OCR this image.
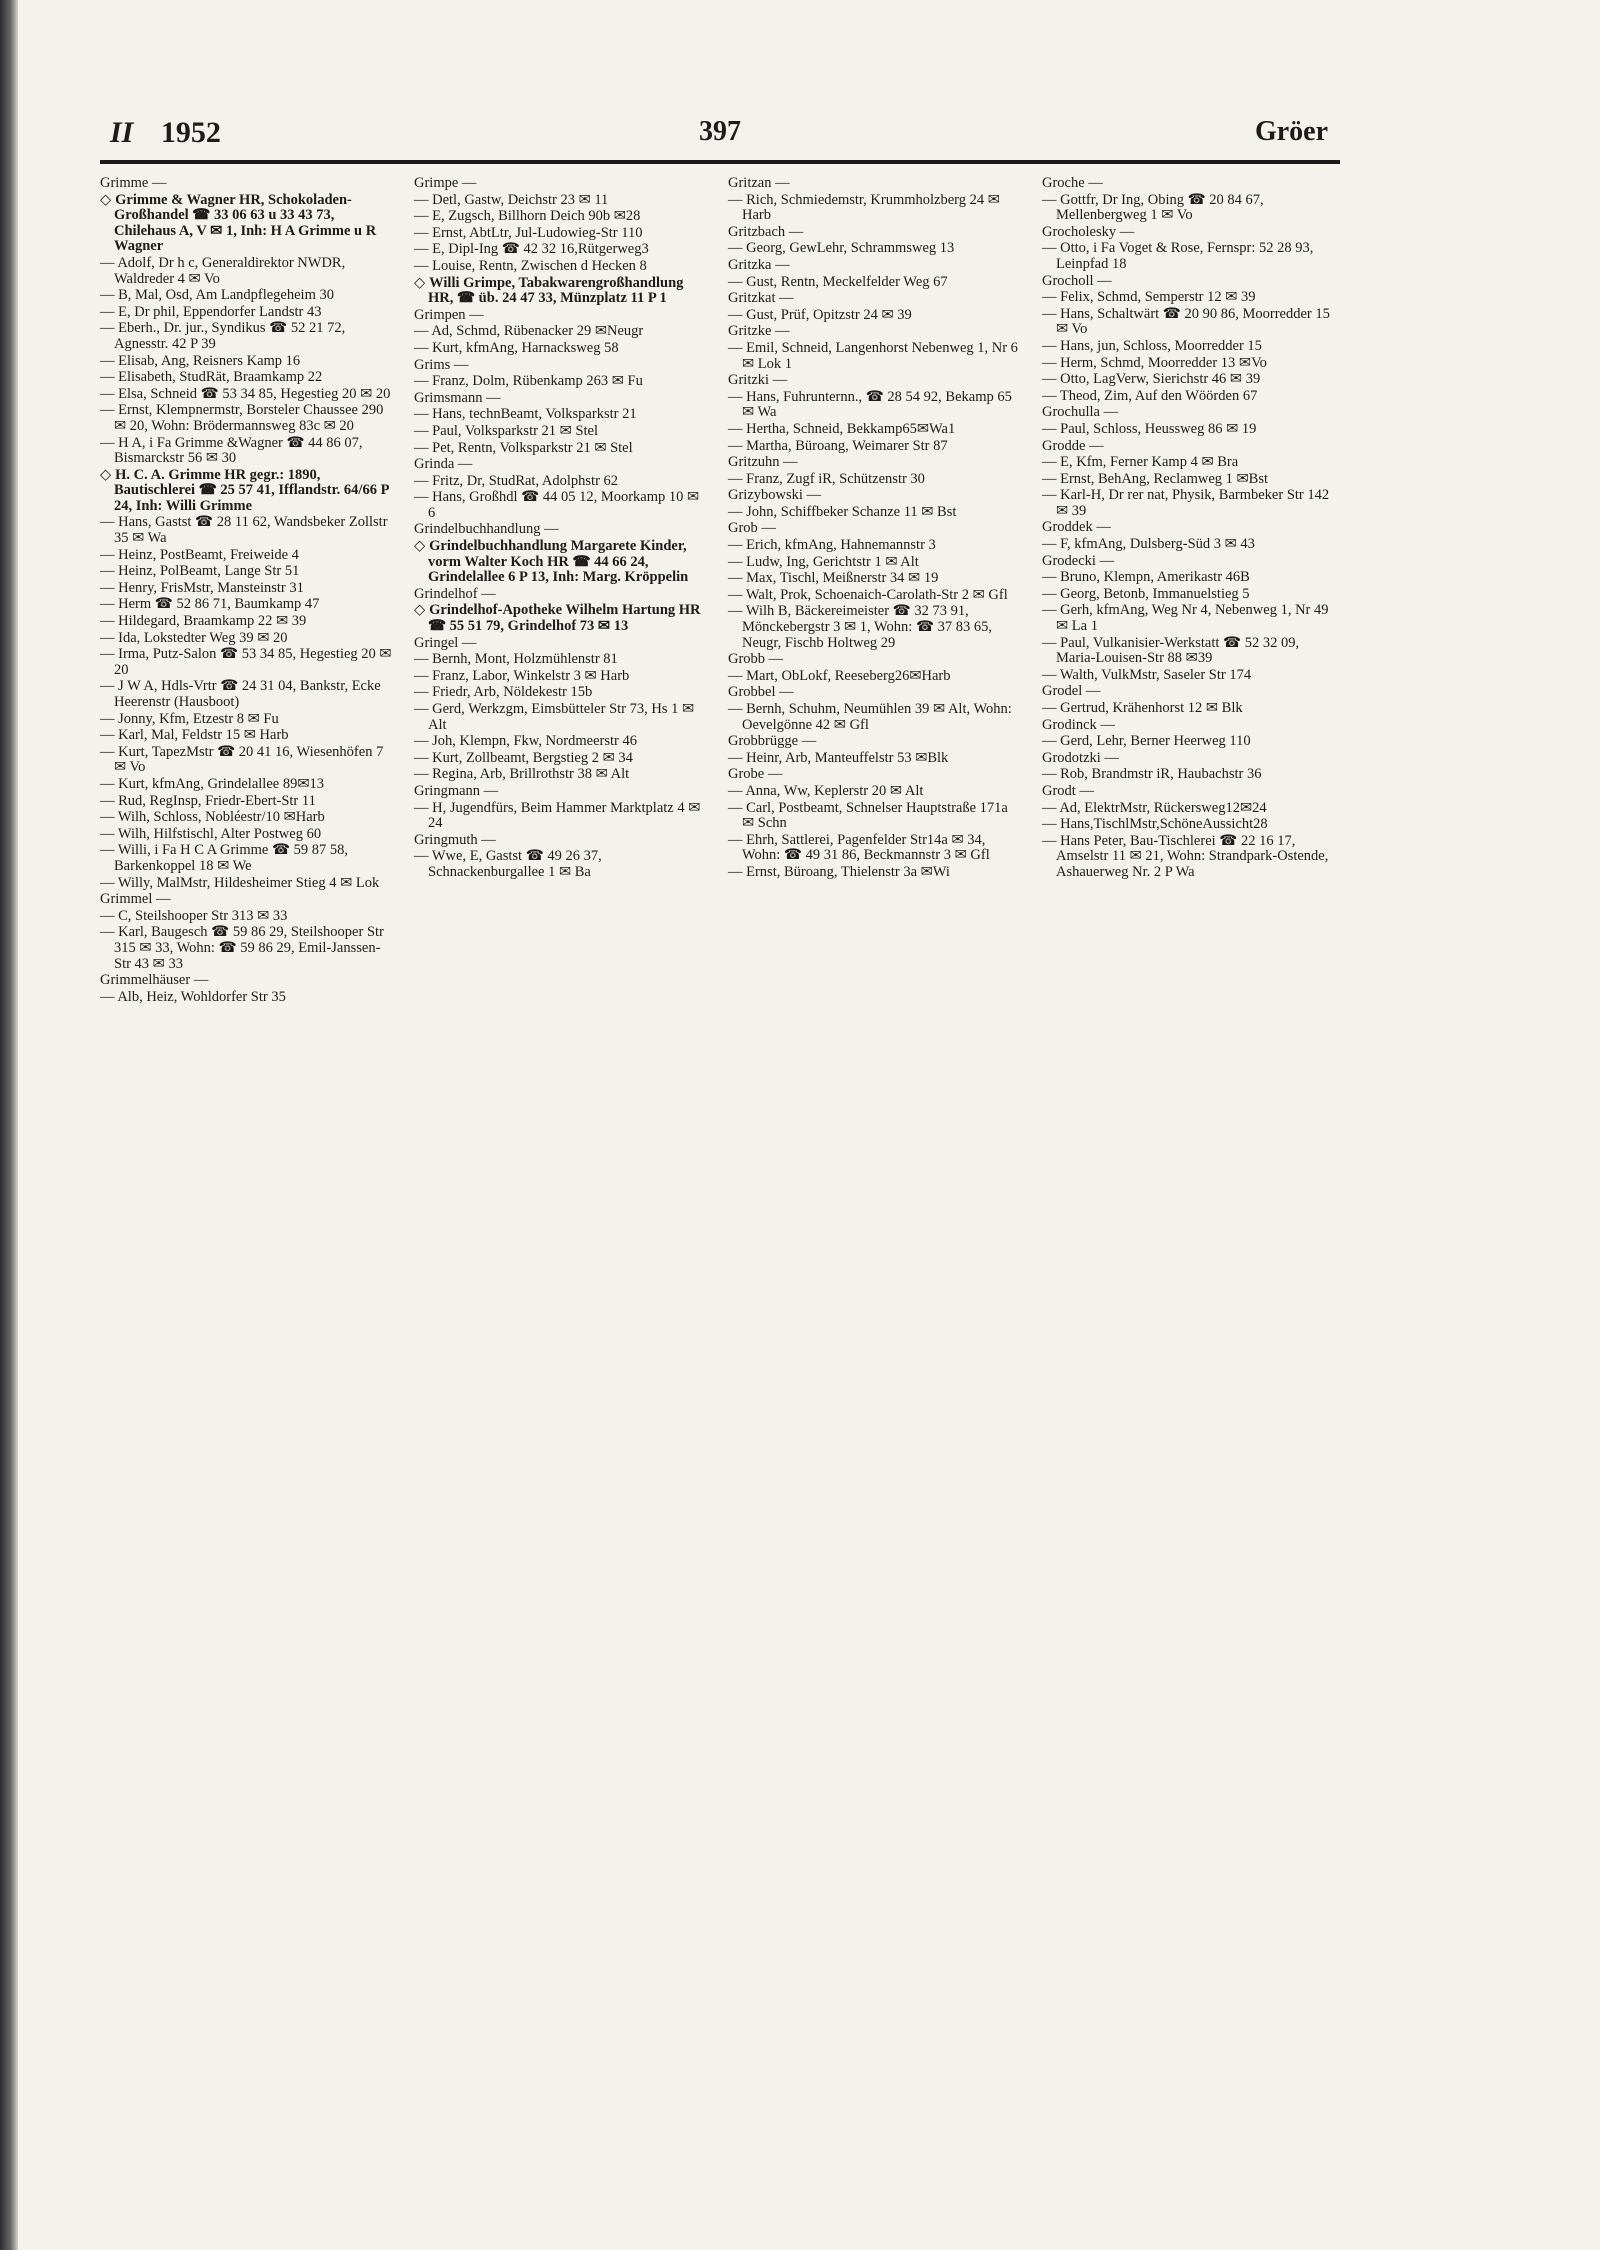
II 1952	397	Gröer
Grimme —
◇ Grimme & Wagner HR, Schokoladen-Großhandel ☎ 33 06 63 u 33 43 73, Chilehaus A, V ✉ 1, Inh: H A Grimme u R Wagner
— Adolf, Dr h c, Generaldirektor NWDR, Waldreder 4 ✉ Vo
— B, Mal, Osd, Am Landpflegeheim 30
— E, Dr phil, Eppendorfer Landstr 43
— Eberh., Dr. jur., Syndikus ☎ 52 21 72, Agnesstr. 42 P 39
— Elisab, Ang, Reisners Kamp 16
— Elisabeth, StudRät, Braamkamp 22
— Elsa, Schneid ☎ 53 34 85, Hegestieg 20 ✉ 20
— Ernst, Klempnermstr, Borsteler Chaussee 290 ✉ 20, Wohn: Brödermannsweg 83c ✉ 20
— H A, i Fa Grimme &Wagner ☎ 44 86 07, Bismarckstr 56 ✉ 30
◇ H. C. A. Grimme HR gegr.: 1890, Bautischlerei ☎ 25 57 41, Ifflandstr. 64/66 P 24, Inh: Willi Grimme
— Hans, Gastst ☎ 28 11 62, Wandsbeker Zollstr 35 ✉ Wa
— Heinz, PostBeamt, Freiweide 4
— Heinz, PolBeamt, Lange Str 51
— Henry, FrisMstr, Mansteinstr 31
— Herm ☎ 52 86 71, Baumkamp 47
— Hildegard, Braamkamp 22 ✉ 39
— Ida, Lokstedter Weg 39 ✉ 20
— Irma, Putz-Salon ☎ 53 34 85, Hegestieg 20 ✉ 20
— J W A, Hdls-Vrtr ☎ 24 31 04, Bankstr, Ecke Heerenstr (Hausboot)
— Jonny, Kfm, Etzestr 8 ✉ Fu
— Karl, Mal, Feldstr 15 ✉ Harb
— Kurt, TapezMstr ☎ 20 41 16, Wiesenhöfen 7 ✉ Vo
— Kurt, kfmAng, Grindelallee 89✉13
— Rud, RegInsp, Friedr-Ebert-Str 11
— Wilh, Schloss, Nobléestr/10 ✉Harb
— Wilh, Hilfstischl, Alter Postweg 60
— Willi, i Fa H C A Grimme ☎ 59 87 58, Barkenkoppel 18 ✉ We
— Willy, MalMstr, Hildesheimer Stieg 4 ✉ Lok
Grimmel —
— C, Steilshooper Str 313 ✉ 33
— Karl, Baugesch ☎ 59 86 29, Steilshooper Str 315 ✉ 33, Wohn: ☎ 59 86 29, Emil-Janssen-Str 43 ✉ 33
Grimmelhäuser —
— Alb, Heiz, Wohldorfer Str 35
Grimpe —
— Detl, Gastw, Deichstr 23 ✉ 11
— E, Zugsch, Billhorn Deich 90b ✉28
— Ernst, AbtLtr, Jul-Ludowieg-Str 110
— E, Dipl-Ing ☎ 42 32 16,Rütgerweg3
— Louise, Rentn, Zwischen d Hecken 8
◇ Willi Grimpe, Tabakwarengroßhandlung HR, ☎ üb. 24 47 33, Münzplatz 11 P 1
Grimpen —
— Ad, Schmd, Rübenacker 29 ✉Neugr
— Kurt, kfmAng, Harnacksweg 58
Grims —
— Franz, Dolm, Rübenkamp 263 ✉ Fu
Grimsmann —
— Hans, technBeamt, Volksparkstr 21
— Paul, Volksparkstr 21 ✉ Stel
— Pet, Rentn, Volksparkstr 21 ✉ Stel
Grinda —
— Fritz, Dr, StudRat, Adolphstr 62
— Hans, Großhdl ☎ 44 05 12, Moorkamp 10 ✉ 6
Grindelbuchhandlung —
◇ Grindelbuchhandlung Margarete Kinder, vorm Walter Koch HR ☎ 44 66 24, Grindelallee 6 P 13, Inh: Marg. Kröppelin
Grindelhof —
◇ Grindelhof-Apotheke Wilhelm Hartung HR ☎ 55 51 79, Grindelhof 73 ✉ 13
Gringel —
— Bernh, Mont, Holzmühlenstr 81
— Franz, Labor, Winkelstr 3 ✉ Harb
— Friedr, Arb, Nöldekestr 15b
— Gerd, Werkzgm, Eimsbütteler Str 73, Hs 1 ✉ Alt
— Joh, Klempn, Fkw, Nordmeerstr 46
— Kurt, Zollbeamt, Bergstieg 2 ✉ 34
— Regina, Arb, Brillrothstr 38 ✉ Alt
Gringmann —
— H, Jugendfürs, Beim Hammer Marktplatz 4 ✉ 24
Gringmuth —
— Wwe, E, Gastst ☎ 49 26 37, Schnackenburgallee 1 ✉ Ba
Gritzan —
— Rich, Schmiedemstr, Krummholzberg 24 ✉ Harb
Gritzbach —
— Georg, GewLehr, Schrammsweg 13
Gritzka —
— Gust, Rentn, Meckelfelder Weg 67
Gritzkat —
— Gust, Prüf, Opitzstr 24 ✉ 39
Gritzke —
— Emil, Schneid, Langenhorst Nebenweg 1, Nr 6 ✉ Lok 1
Gritzki —
— Hans, Fuhrunternn., ☎ 28 54 92, Bekamp 65 ✉ Wa
— Hertha, Schneid, Bekkamp65✉Wa1
— Martha, Büroang, Weimarer Str 87
Gritzuhn —
— Franz, Zugf iR, Schützenstr 30
Grizybowski —
— John, Schiffbeker Schanze 11 ✉ Bst
Grob —
— Erich, kfmAng, Hahnemannstr 3
— Ludw, Ing, Gerichtstr 1 ✉ Alt
— Max, Tischl, Meißnerstr 34 ✉ 19
— Walt, Prok, Schoenaich-Carolath-Str 2 ✉ Gfl
— Wilh B, Bäckereimeister ☎ 32 73 91, Mönckebergstr 3 ✉ 1, Wohn: ☎ 37 83 65, Neugr, Fischb Holtweg 29
Grobb —
— Mart, ObLokf, Reeseberg26✉Harb
Grobbel —
— Bernh, Schuhm, Neumühlen 39 ✉ Alt, Wohn: Oevelgönne 42 ✉ Gfl
Grobbrügge —
— Heinr, Arb, Manteuffelstr 53 ✉Blk
Grobe —
— Anna, Ww, Keplerstr 20 ✉ Alt
— Carl, Postbeamt, Schnelser Hauptstraße 171a ✉ Schn
— Ehrh, Sattlerei, Pagenfelder Str14a ✉ 34, Wohn: ☎ 49 31 86, Beckmannstr 3 ✉ Gfl
— Ernst, Büroang, Thielenstr 3a ✉Wi
Groche —
— Gottfr, Dr Ing, Obing ☎ 20 84 67, Mellenbergweg 1 ✉ Vo
Grocholesky —
— Otto, i Fa Voget & Rose, Fernspr: 52 28 93, Leinpfad 18
Grocholl —
— Felix, Schmd, Semperstr 12 ✉ 39
— Hans, Schaltwärt ☎ 20 90 86, Moorredder 15 ✉ Vo
— Hans, jun, Schloss, Moorredder 15
— Herm, Schmd, Moorredder 13 ✉Vo
— Otto, LagVerw, Sierichstr 46 ✉ 39
— Theod, Zim, Auf den Wöörden 67
Grochulla —
— Paul, Schloss, Heussweg 86 ✉ 19
Grodde —
— E, Kfm, Ferner Kamp 4 ✉ Bra
— Ernst, BehAng, Reclamweg 1 ✉Bst
— Karl-H, Dr rer nat, Physik, Barmbeker Str 142 ✉ 39
Groddek —
— F, kfmAng, Dulsberg-Süd 3 ✉ 43
Grodecki —
— Bruno, Klempn, Amerikastr 46B
— Georg, Betonb, Immanuelstieg 5
— Gerh, kfmAng, Weg Nr 4, Nebenweg 1, Nr 49 ✉ La 1
— Paul, Vulkanisier-Werkstatt ☎ 52 32 09, Maria-Louisen-Str 88 ✉39
— Walth, VulkMstr, Saseler Str 174
Grodel —
— Gertrud, Krähenhorst 12 ✉ Blk
Grodinck —
— Gerd, Lehr, Berner Heerweg 110
Grodotzki —
— Rob, Brandmstr iR, Haubachstr 36
Grodt —
— Ad, ElektrMstr, Rückersweg12✉24
— Hans,TischlMstr,SchöneAussicht28
— Hans Peter, Bau-Tischlerei ☎ 22 16 17, Amselstr 11 ✉ 21, Wohn: Strandpark-Ostende, Ashauerweg Nr. 2 P Wa
